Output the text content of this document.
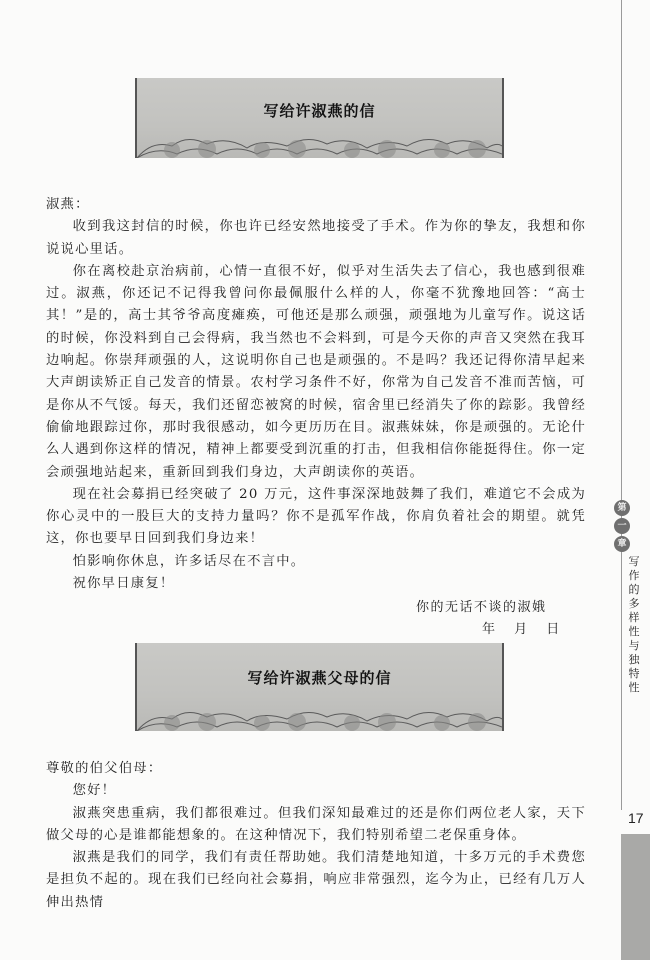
写给许淑燕的信

淑燕：

收到我这封信的时候，你也许已经安然地接受了手术。作为你的挚友，我想和你说说心里话。

你在离校赴京治病前，心情一直很不好，似乎对生活失去了信心，我也感到很难过。淑燕，你还记不记得我曾问你最佩服什么样的人，你毫不犹豫地回答：“高士其！”是的，高士其爷爷高度瘫痪，可他还是那么顽强，顽强地为儿童写作。说这话的时候，你没料到自己会得病，我当然也不会料到，可是今天你的声音又突然在我耳边响起。你崇拜顽强的人，这说明你自己也是顽强的。不是吗？我还记得你清早起来大声朗读矫正自己发音的情景。农村学习条件不好，你常为自己发音不准而苦恼，可是你从不气馁。每天，我们还留恋被窝的时候，宿舍里已经消失了你的踪影。我曾经偷偷地跟踪过你，那时我很感动，如今更历历在目。淑燕妹妹，你是顽强的。无论什么人遇到你这样的情况，精神上都要受到沉重的打击，但我相信你能挺得住。你一定会顽强地站起来，重新回到我们身边，大声朗读你的英语。

现在社会募捐已经突破了 20 万元，这件事深深地鼓舞了我们，难道它不会成为你心灵中的一股巨大的支持力量吗？你不是孤军作战，你肩负着社会的期望。就凭这，你也要早日回到我们身边来！

怕影响你休息，许多话尽在不言中。

祝你早日康复！

你的无话不谈的淑娥
年 月 日
写给许淑燕父母的信

尊敬的伯父伯母：

您好！

淑燕突患重病，我们都很难过。但我们深知最难过的还是你们两位老人家，天下做父母的心是谁都能想象的。在这种情况下，我们特别希望二老保重身体。

淑燕是我们的同学，我们有责任帮助她。我们清楚地知道，十多万元的手术费您是担负不起的。现在我们已经向社会募捐，响应非常强烈，迄今为止，已经有几万人伸出热情

第
一
章
写作的多样性与独特性
17
